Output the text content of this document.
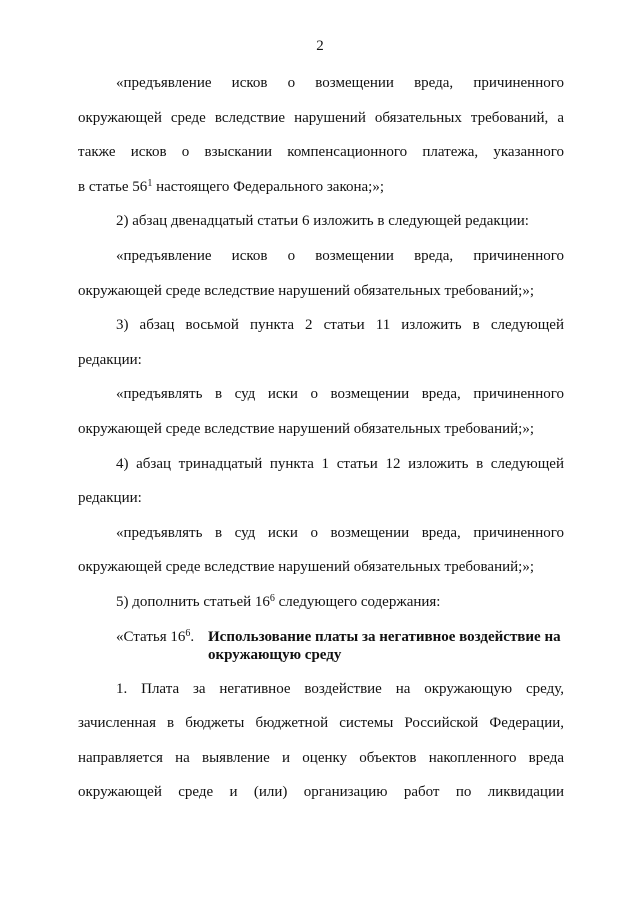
2
«предъявление исков о возмещении вреда, причиненного
окружающей среде вследствие нарушений обязательных требований, а
также исков о взыскании компенсационного платежа, указанного
в статье $56^1$ настоящего Федерального закона;»;
2) абзац двенадцатый статьи 6 изложить в следующей редакции:
«предъявление исков о возмещении вреда, причиненного
окружающей среде вследствие нарушений обязательных требований;»;
3) абзац восьмой пункта 2 статьи 11 изложить в следующей
редакции:
«предъявлять в суд иски о возмещении вреда, причиненного
окружающей среде вследствие нарушений обязательных требований;»;
4) абзац тринадцатый пункта 1 статьи 12 изложить в следующей
редакции:
«предъявлять в суд иски о возмещении вреда, причиненного
окружающей среде вследствие нарушений обязательных требований;»;
5) дополнить статьей $16^6$ следующего содержания:
«Статья $16^6$. Использование платы за негативное воздействие на окружающую среду
1. Плата за негативное воздействие на окружающую среду,
зачисленная в бюджеты бюджетной системы Российской Федерации,
направляется на выявление и оценку объектов накопленного вреда
окружающей среде и (или) организацию работ по ликвидации
